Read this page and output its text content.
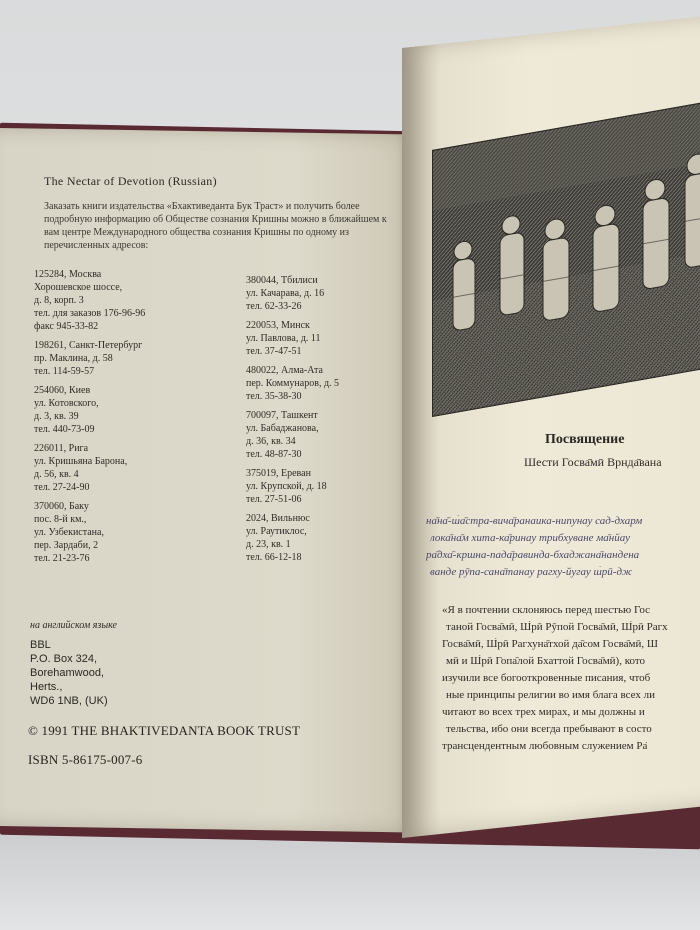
The Nectar of Devotion (Russian)
Заказать книги издательства «Бхактиведанта Бук Траст» и получить более подробную информацию об Обществе сознания Кришны можно в ближайшем к вам центре Международного общества сознания Кришны по одному из перечисленных адресов:
125284, Москва
Хорошевское шоссе,
д. 8, корп. 3
тел. для заказов 176-96-96
факс 945-33-82
198261, Санкт-Петербург
пр. Маклина, д. 58
тел. 114-59-57
254060, Киев
ул. Котовского,
д. 3, кв. 39
тел. 440-73-09
226011, Рига
ул. Кришьяна Барона,
д. 56, кв. 4
тел. 27-24-90
370060, Баку
пос. 8-й км.,
ул. Узбекистана,
пер. Зардаби, 2
тел. 21-23-76
380044, Тбилиси
ул. Качарава, д. 16
тел. 62-33-26
220053, Минск
ул. Павлова, д. 11
тел. 37-47-51
480022, Алма-Ата
пер. Коммунаров, д. 5
тел. 35-38-30
700097, Ташкент
ул. Бабаджанова,
д. 36, кв. 34
тел. 48-87-30
375019, Ереван
ул. Крупской, д. 18
тел. 27-51-06
2024, Вильнюс
ул. Раутиклос,
д. 23, кв. 1
тел. 66-12-18
на английском языке
BBL
P.O. Box 324,
Borehamwood,
Herts.,
WD6 1NB, (UK)
© 1991 THE BHAKTIVEDANTA BOOK TRUST
ISBN 5-86175-007-6
Посвящение
Шести Госва̄мӣ Врнда̄вана
на̄на̄-ш́а̄стра-вича̄ранаика-нипунау сад-дхарм
лока̄на̄м хита-ка̄ринау трибхуване ма̄нйау
ра̄дха̄-кршна-пада̄равинда-бхаджана̄нандена
ванде рӯпа-сана̄танау рагху-йугау ш́рӣ-дж
«Я в почтении склоняюсь перед шестью Гос
таной Госва̄мӣ, Ш́рӣ Рӯпой Госва̄мӣ, Ш́рӣ Рагх
Госва̄мӣ, Ш́рӣ Рагхуна̄тхой да̄сом Госва̄мӣ, Ш
мӣ и Ш́рӣ Гопа̄лой Бхаттой Госва̄мӣ), кото
изучили все богооткровенные писания, чтоб
ные принципы религии во имя блага всех ли
читают во всех трех мирах, и мы должны и
тельства, ибо они всегда пребывают в состо
трансцендентным любовным служением Ра̄
